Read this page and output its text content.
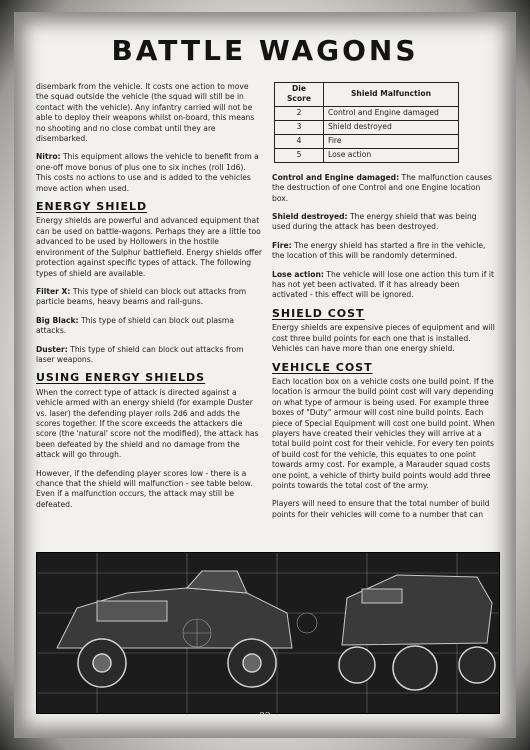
BATTLE WAGONS

disembark from the vehicle. It costs one action to move the squad outside the vehicle (the squad will still be in contact with the vehicle). Any infantry carried will not be able to deploy their weapons whilst on-board, this means no shooting and no close combat until they are disembarked.

Nitro: This equipment allows the vehicle to benefit from a one-off move bonus of plus one to six inches (roll 1d6). This costs no actions to use and is added to the vehicles move action when used.

ENERGY SHIELD

Energy shields are powerful and advanced equipment that can be used on battle-wagons. Perhaps they are a little too advanced to be used by Hollowers in the hostile environment of the Sulphur battlefield. Energy shields offer protection against specific types of attack. The following types of shield are available.

Filter X: This type of shield can block out attacks from particle beams, heavy beams and rail-guns.

Big Black: This type of shield can block out plasma attacks.

Duster: This type of shield can block out attacks from laser weapons.

USING ENERGY SHIELDS

When the correct type of attack is directed against a vehicle armed with an energy shield (for example Duster vs. laser) the defending player rolls 2d6 and adds the scores together. If the score exceeds the attackers die score (the 'natural' score not the modified), the attack has been defeated by the shield and no damage from the attack will go through.

However, if the defending player scores low - there is a chance that the shield will malfunction - see table below. Even if a malfunction occurs, the attack may still be defeated.

Die Score	Shield Malfunction
2	Control and Engine damaged
3	Shield destroyed
4	Fire
5	Lose action

Control and Engine damaged: The malfunction causes the destruction of one Control and one Engine location box.

Shield destroyed: The energy shield that was being used during the attack has been destroyed.

Fire: The energy shield has started a fire in the vehicle, the location of this will be randomly determined.

Lose action: The vehicle will lose one action this turn if it has not yet been activated. If it has already been activated - this effect will be ignored.

SHIELD COST

Energy shields are expensive pieces of equipment and will cost three build points for each one that is installed. Vehicles can have more than one energy shield.

VEHICLE COST

Each location box on a vehicle costs one build point. If the location is armour the build point cost will vary depending on what type of armour is being used. For example three boxes of "Duty" armour will cost nine build points. Each piece of Special Equipment will cost one build point. When players have created their vehicles they will arrive at a total build point cost for their vehicle. For every ten points of build cost for the vehicle, this equates to one point towards army cost. For example, a Marauder squad costs one point, a vehicle of thirty build points would add three points towards the total cost of the army.

Players will need to ensure that the total number of build points for their vehicles will come to a number that can

32
